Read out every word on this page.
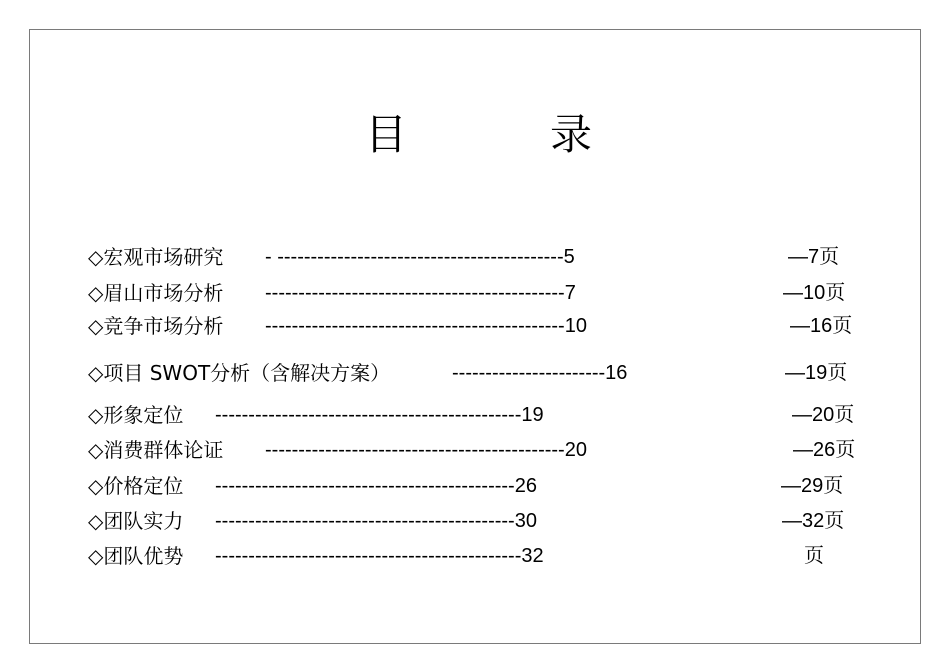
目	录
◇宏观市场研究 - -------------------------------------------5	—7页
◇眉山市场分析 ---------------------------------------------7	—10页
◇竞争市场分析 ---------------------------------------------10	—16页
◇项目 SWOT分析（含解决方案）	-----------------------16	—19页
◇形象定位 ----------------------------------------------19	—20页
◇消费群体论证 ---------------------------------------------20	—26页
◇价格定位 ---------------------------------------------26	—29页
◇团队实力 ---------------------------------------------30	—32页
◇团队优势 ----------------------------------------------32	页
